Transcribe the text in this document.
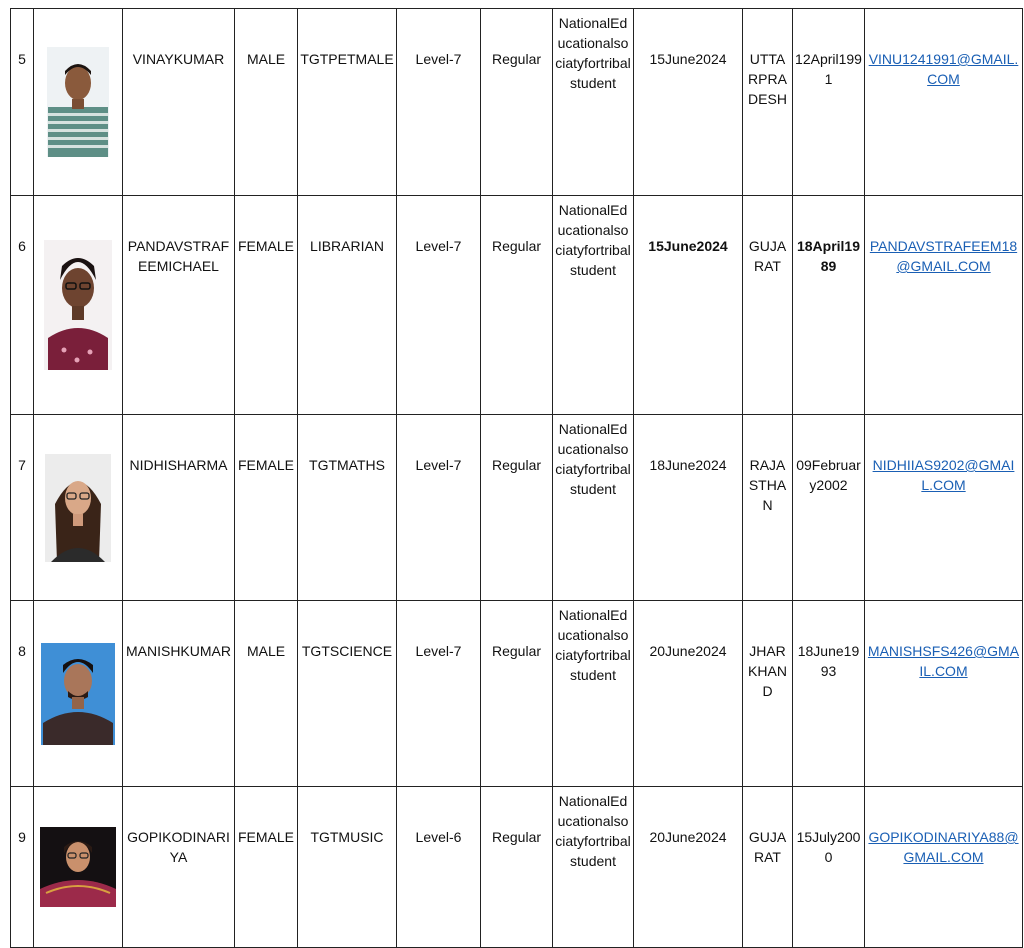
5		VINAYKUMAR	MALE	TGTPETMALE	Level-7	Regular	NationalEducationalsociatyfortribalstudent	15June2024	UTTARPRADESH	12April1991	VINU1241991@GMAIL.COM
6		PANDAVSTRAFEEMICHAEL	FEMALE	LIBRARIAN	Level-7	Regular	NationalEducationalsociatyfortribalstudent	15June2024	GUJARAT	18April1989	PANDAVSTRAFEEM18@GMAIL.COM
7		NIDHISHARMA	FEMALE	TGTMATHS	Level-7	Regular	NationalEducationalsociatyfortribalstudent	18June2024	RAJASTHAN	09February2002	NIDHIIAS9202@GMAIL.COM
8		MANISHKUMAR	MALE	TGTSCIENCE	Level-7	Regular	NationalEducationalsociatyfortribalstudent	20June2024	JHARKHAND	18June1993	MANISHSFS426@GMAIL.COM
9		GOPIKODINARIYA	FEMALE	TGTMUSIC	Level-6	Regular	NationalEducationalsociatyfortribalstudent	20June2024	GUJARAT	15July2000	GOPIKODINARIYA88@GMAIL.COM
